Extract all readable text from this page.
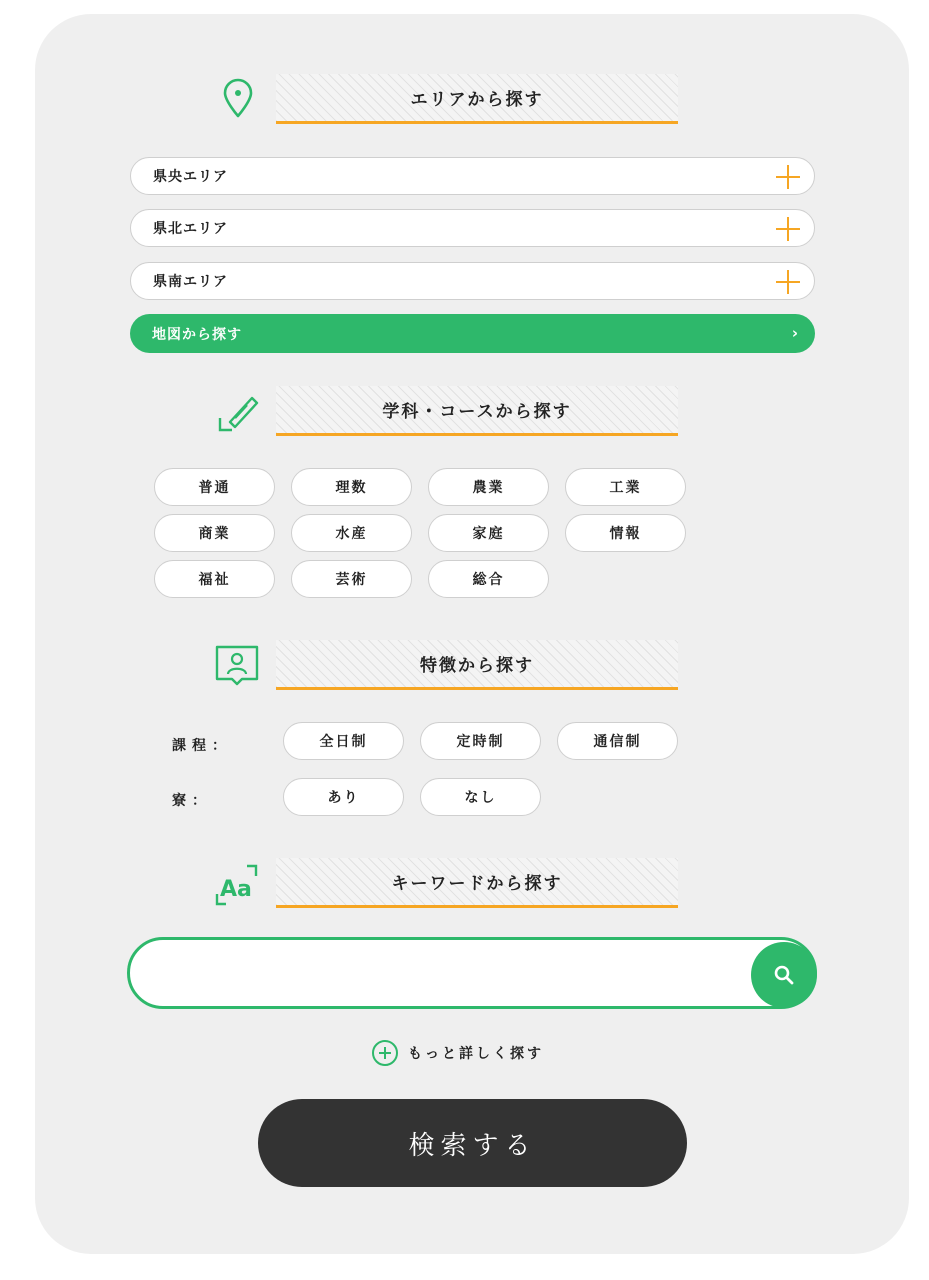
エリアから探す
県央エリア
県北エリア
県南エリア
地図から探す	›
学科・コースから探す
普通	理数	農業	工業
商業	水産	家庭	情報
福祉	芸術	総合
特徴から探す
課程：	全日制	定時制	通信制
寮：	あり	なし
Aa	キーワードから探す
もっと詳しく探す
検索する
